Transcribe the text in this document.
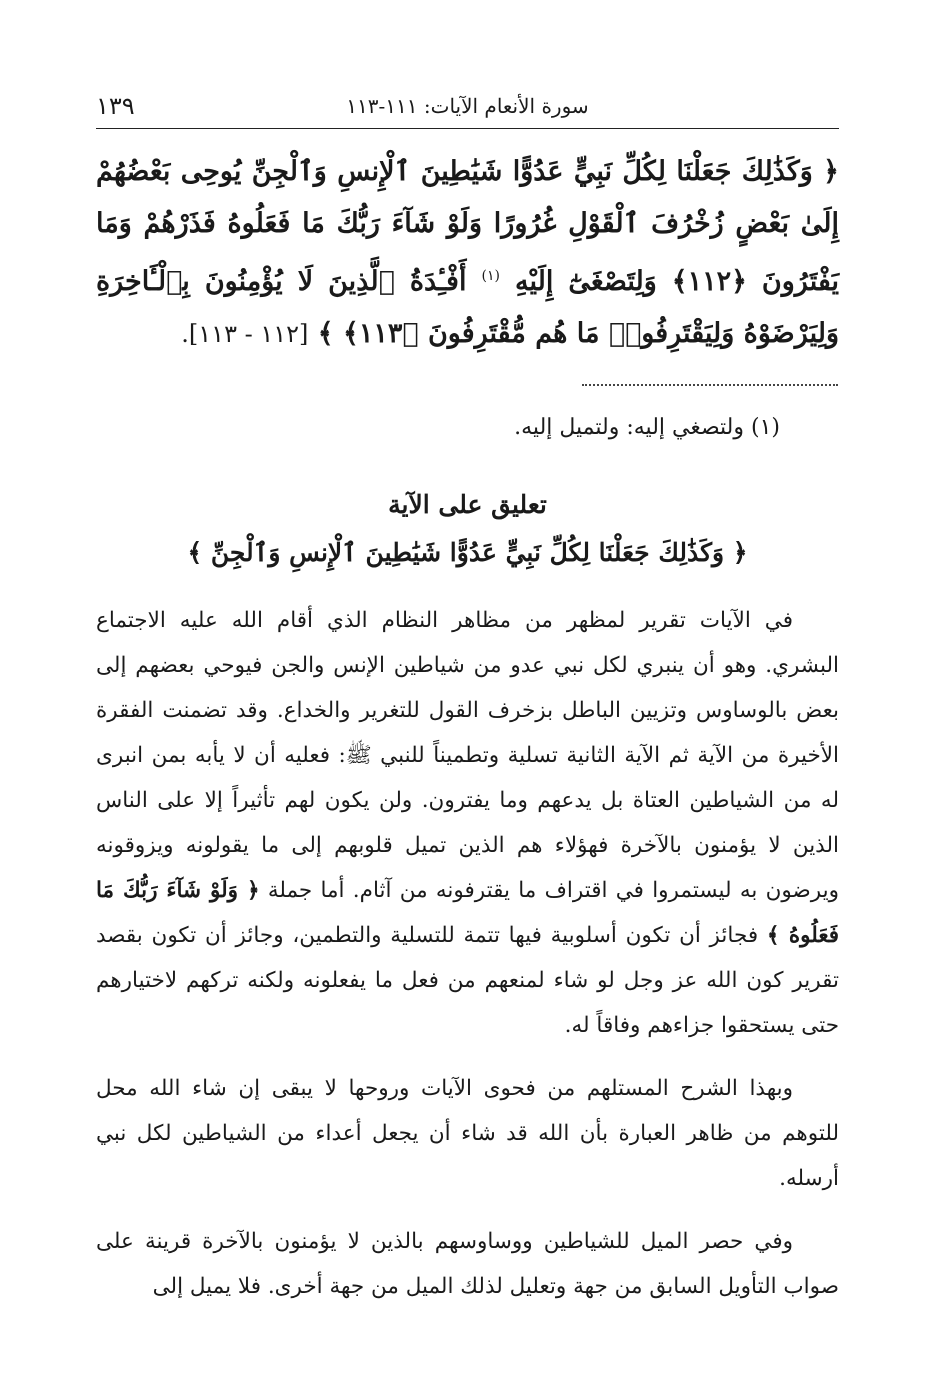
سورة الأنعام الآيات: ١١١-١١٣
١٣٩
﴿ وَكَذَٰلِكَ جَعَلْنَا لِكُلِّ نَبِيٍّ عَدُوًّا شَيَٰطِينَ ٱلْإِنسِ وَٱلْجِنِّ يُوحِى بَعْضُهُمْ إِلَىٰ بَعْضٍ زُخْرُفَ ٱلْقَوْلِ غُرُورًا وَلَوْ شَآءَ رَبُّكَ مَا فَعَلُوهُ فَذَرْهُمْ وَمَا يَفْتَرُونَ ﴿١١٢﴾ وَلِتَصْغَىٰٓ إِلَيْهِ $^{(١)}$ أَفْـِٔدَةُ ٱلَّذِينَ لَا يُؤْمِنُونَ بِٱلْـَٔاخِرَةِ وَلِيَرْضَوْهُ وَلِيَقْتَرِفُوا۟ مَا هُم مُّقْتَرِفُونَ ﴿١١٣﴾ ﴾ [١١٢ - ١١٣].
(١) ولتصغي إليه: ولتميل إليه.
تعليق على الآية
﴿ وَكَذَٰلِكَ جَعَلْنَا لِكُلِّ نَبِيٍّ عَدُوًّا شَيَٰطِينَ ٱلْإِنسِ وَٱلْجِنِّ ﴾

في الآيات تقرير لمظهر من مظاهر النظام الذي أقام الله عليه الاجتماع البشري. وهو أن ينبري لكل نبي عدو من شياطين الإنس والجن فيوحي بعضهم إلى بعض بالوساوس وتزيين الباطل بزخرف القول للتغرير والخداع. وقد تضمنت الفقرة الأخيرة من الآية ثم الآية الثانية تسلية وتطميناً للنبي ﷺ: فعليه أن لا يأبه بمن انبرى له من الشياطين العتاة بل يدعهم وما يفترون. ولن يكون لهم تأثيراً إلا على الناس الذين لا يؤمنون بالآخرة فهؤلاء هم الذين تميل قلوبهم إلى ما يقولونه ويزوقونه ويرضون به ليستمروا في اقتراف ما يقترفونه من آثام. أما جملة ﴿ وَلَوْ شَآءَ رَبُّكَ مَا فَعَلُوهُ ﴾ فجائز أن تكون أسلوبية فيها تتمة للتسلية والتطمين، وجائز أن تكون بقصد تقرير كون الله عز وجل لو شاء لمنعهم من فعل ما يفعلونه ولكنه تركهم لاختيارهم حتى يستحقوا جزاءهم وفاقاً له.

وبهذا الشرح المستلهم من فحوى الآيات وروحها لا يبقى إن شاء الله محل للتوهم من ظاهر العبارة بأن الله قد شاء أن يجعل أعداء من الشياطين لكل نبي أرسله.

وفي حصر الميل للشياطين ووساوسهم بالذين لا يؤمنون بالآخرة قرينة على صواب التأويل السابق من جهة وتعليل لذلك الميل من جهة أخرى. فلا يميل إلى
